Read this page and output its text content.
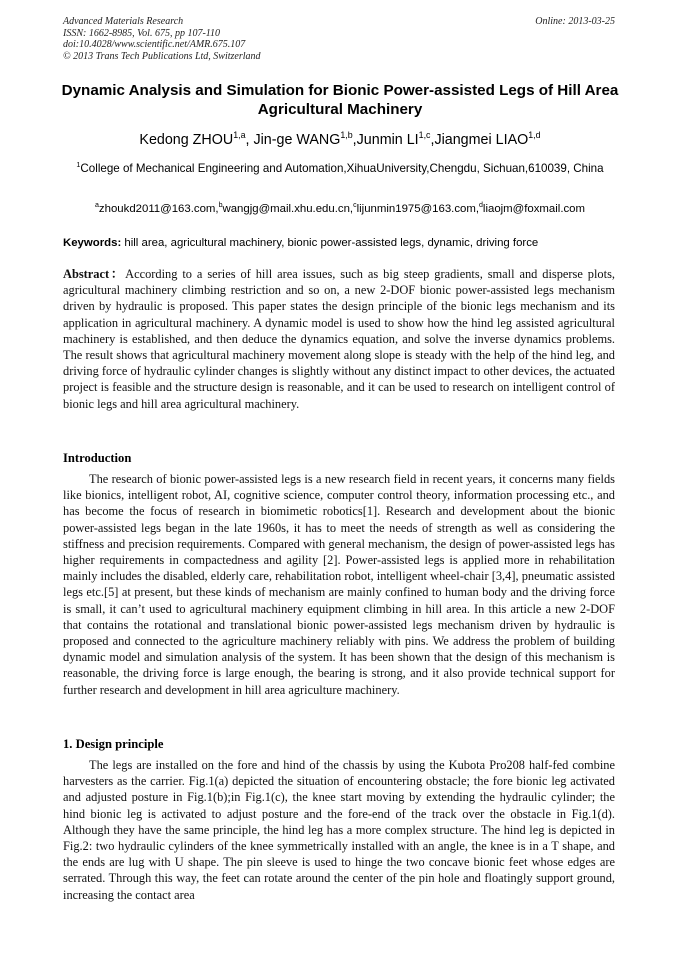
Advanced Materials Research
ISSN: 1662-8985, Vol. 675, pp 107-110
doi:10.4028/www.scientific.net/AMR.675.107
© 2013 Trans Tech Publications Ltd, Switzerland
Online: 2013-03-25
Dynamic Analysis and Simulation for Bionic Power-assisted Legs of Hill Area Agricultural Machinery
Kedong ZHOU$^{1,a}$, Jin-ge WANG$^{1,b}$,Junmin LI$^{1,c}$,Jiangmei LIAO$^{1,d}$
$^1$College of Mechanical Engineering and Automation,XihuaUniversity,Chengdu, Sichuan,610039, China
$^a$zhoukd2011@163.com,$^b$wangjg@mail.xhu.edu.cn,$^c$lijunmin1975@163.com,$^d$liaojm@foxmail.com
Keywords: hill area, agricultural machinery, bionic power-assisted legs, dynamic, driving force
Abstract：According to a series of hill area issues, such as big steep gradients, small and disperse plots, agricultural machinery climbing restriction and so on, a new 2-DOF bionic power-assisted legs mechanism driven by hydraulic is proposed. This paper states the design principle of the bionic legs mechanism and its application in agricultural machinery. A dynamic model is used to show how the hind leg assisted agricultural machinery is established, and then deduce the dynamics equation, and solve the inverse dynamics problems. The result shows that agricultural machinery movement along slope is steady with the help of the hind leg, and driving force of hydraulic cylinder changes is slightly without any distinct impact to other devices, the actuated project is feasible and the structure design is reasonable, and it can be used to research on intelligent control of bionic legs and hill area agricultural machinery.
Introduction
The research of bionic power-assisted legs is a new research field in recent years, it concerns many fields like bionics, intelligent robot, AI, cognitive science, computer control theory, information processing etc., and has become the focus of research in biomimetic robotics[1]. Research and development about the bionic power-assisted legs began in the late 1960s, it has to meet the needs of strength as well as considering the stiffness and precision requirements. Compared with general mechanism, the design of power-assisted legs has higher requirements in compactedness and agility [2]. Power-assisted legs is applied more in rehabilitation mainly includes the disabled, elderly care, rehabilitation robot, intelligent wheel-chair [3,4], pneumatic assisted legs etc.[5] at present, but these kinds of mechanism are mainly confined to human body and the driving force is small, it can’t used to agricultural machinery equipment climbing in hill area. In this article a new 2-DOF that contains the rotational and translational bionic power-assisted legs mechanism driven by hydraulic is proposed and connected to the agriculture machinery reliably with pins. We address the problem of building dynamic model and simulation analysis of the system. It has been shown that the design of this mechanism is reasonable, the driving force is large enough, the bearing is strong, and it also provide technical support for further research and development in hill area agriculture machinery.
1. Design principle
The legs are installed on the fore and hind of the chassis by using the Kubota Pro208 half-fed combine harvesters as the carrier. Fig.1(a) depicted the situation of encountering obstacle; the fore bionic leg activated and adjusted posture in Fig.1(b);in Fig.1(c), the knee start moving by extending the hydraulic cylinder; the hind bionic leg is activated to adjust posture and the fore-end of the track over the obstacle in Fig.1(d). Although they have the same principle, the hind leg has a more complex structure. The hind leg is depicted in Fig.2: two hydraulic cylinders of the knee symmetrically installed with an angle, the knee is in a T shape, and the ends are lug with U shape. The pin sleeve is used to hinge the two concave bionic feet whose edges are serrated. Through this way, the feet can rotate around the center of the pin hole and floatingly support ground, increasing the contact area
